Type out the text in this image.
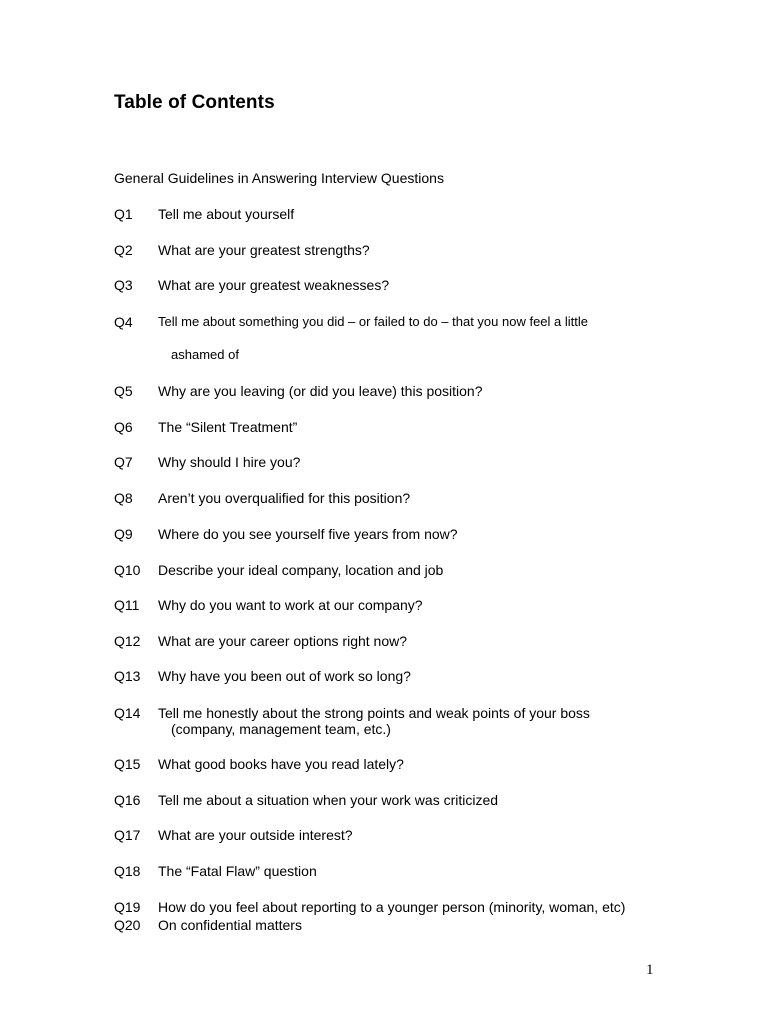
Table of Contents
General Guidelines in Answering Interview Questions
Q1 Tell me about yourself
Q2 What are your greatest strengths?
Q3 What are your greatest weaknesses?
Q4 Tell me about something you did – or failed to do – that you now feel a little
ashamed of
Q5 Why are you leaving (or did you leave) this position?
Q6 The “Silent Treatment”
Q7 Why should I hire you?
Q8 Aren’t you overqualified for this position?
Q9 Where do you see yourself five years from now?
Q10 Describe your ideal company, location and job
Q11 Why do you want to work at our company?
Q12 What are your career options right now?
Q13 Why have you been out of work so long?
Q14 Tell me honestly about the strong points and weak points of your boss
(company, management team, etc.)
Q15 What good books have you read lately?
Q16 Tell me about a situation when your work was criticized
Q17 What are your outside interest?
Q18 The “Fatal Flaw” question
Q19 How do you feel about reporting to a younger person (minority, woman, etc)
Q20 On confidential matters
1
